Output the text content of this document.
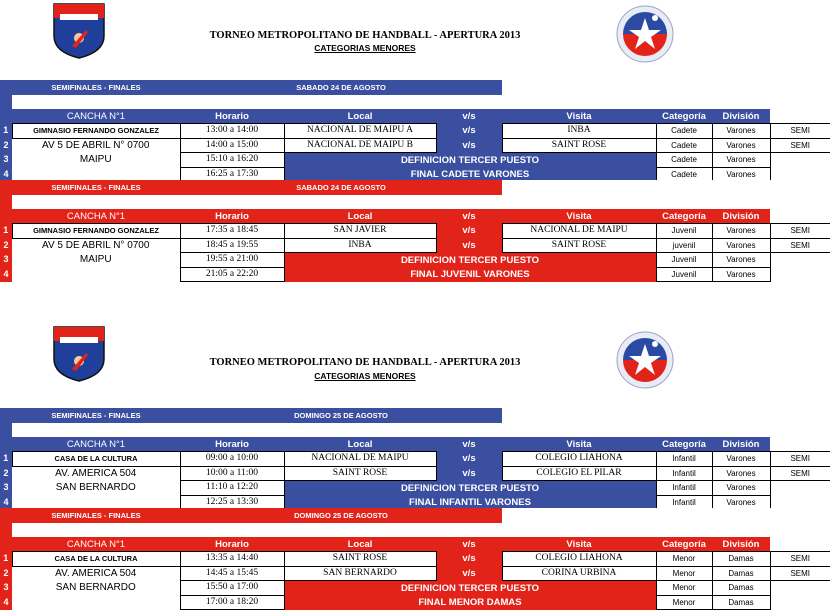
TORNEO METROPOLITANO DE HANDBALL - APERTURA 2013
CATEGORIAS MENORES
TORNEO METROPOLITANO DE HANDBALL - APERTURA 2013
CATEGORIAS MENORES
	SEMIFINALES - FINALES	SABADO 24 DE AGOSTO						

	CANCHA N°1	Horario	Local	v/s	Visita	Categoría	División	
1	GIMNASIO FERNANDO GONZALEZ	13:00 a 14:00	NACIONAL DE MAIPU A	v/s	INBA	Cadete	Varones	SEMI
2	AV 5 DE ABRIL N° 0700	14:00 a 15:00	NACIONAL DE MAIPU B	v/s	SAINT ROSE	Cadete	Varones	SEMI
3	MAIPU	15:10 a 16:20	DEFINICION TERCER PUESTO			Cadete	Varones	
4		16:25 a 17:30	FINAL CADETE VARONES			Cadete	Varones	
	SEMIFINALES - FINALES	SABADO 24 DE AGOSTO						

	CANCHA N°1	Horario	Local	v/s	Visita	Categoría	División	
1	GIMNASIO FERNANDO GONZALEZ	17:35 a 18:45	SAN JAVIER	v/s	NACIONAL DE MAIPU	Juvenil	Varones	SEMI
2	AV 5 DE ABRIL N° 0700	18:45 a 19:55	INBA	v/s	SAINT ROSE	juvenil	Varones	SEMI
3	MAIPU	19:55 a 21:00	DEFINICION TERCER PUESTO			Juvenil	Varones	
4		21:05 a 22:20	FINAL JUVENIL VARONES			Juvenil	Varones	
	SEMIFINALES - FINALES	DOMINGO 25 DE AGOSTO						

	CANCHA N°1	Horario	Local	v/s	Visita	Categoría	División	
1	CASA DE LA CULTURA	09:00 a 10:00	NACIONAL DE MAIPU	v/s	COLEGIO LIAHONA	Infantil	Varones	SEMI
2	AV. AMERICA 504	10:00 a 11:00	SAINT ROSE	v/s	COLEGIO EL PILAR	Infantil	Varones	SEMI
3	SAN BERNARDO	11:10 a 12:20	DEFINICION TERCER PUESTO			Infantil	Varones	
4		12:25 a 13:30	FINAL INFANTIL VARONES			Infantil	Varones	
	SEMIFINALES - FINALES	DOMINGO 25 DE AGOSTO						

	CANCHA N°1	Horario	Local	v/s	Visita	Categoría	División	
1	CASA DE LA CULTURA	13:35 a 14:40	SAINT ROSE	v/s	COLEGIO LIAHONA	Menor	Damas	SEMI
2	AV. AMERICA 504	14:45 a 15:45	SAN BERNARDO	v/s	CORINA URBINA	Menor	Damas	SEMI
3	SAN BERNARDO	15:50 a 17:00	DEFINICION TERCER PUESTO			Menor	Damas	
4		17:00 a 18:20	FINAL MENOR DAMAS			Menor	Damas	
